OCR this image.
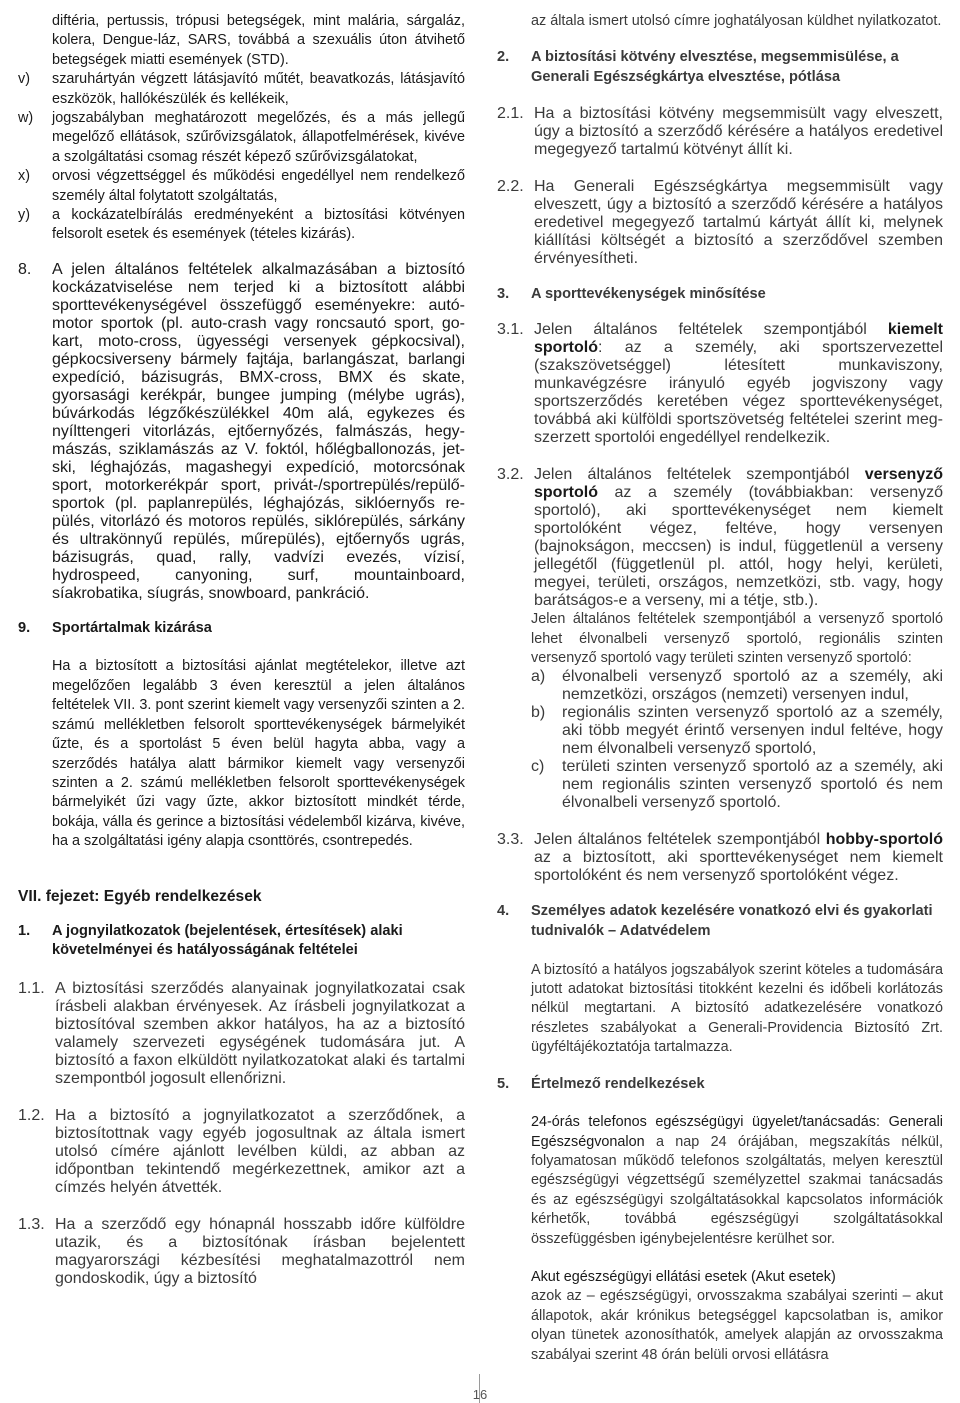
diftéria, pertussis, trópusi betegségek, mint malária, sárgaláz, kolera, Dengue-láz, SARS, továbbá a szexuális úton átvihető betegségek miatti események (STD).

v)	szaruhártyán végzett látásjavító műtét, beavatkozás, látásjavító eszközök, hallókészülék és kellékeik,
w)	jogszabályban meghatározott megelőzés, és a más jellegű megelőző ellátások, szűrővizsgálatok, állapotfelmérések, kivéve a szolgáltatási csomag részét képező szűrővizsgálatokat,
x)	orvosi végzettséggel és működési engedéllyel nem rendelkező személy által folytatott szolgáltatás,
y)	a kockázatelbírálás eredményeként a biztosítási kötvényen felsorolt esetek és események (tételes kizárás).
8.	A jelen általános feltételek alkalmazásában a biztosító kockázatviselése nem terjed ki a biztosított alábbi sporttevékenységével összefüggő eseményekre: autómotor sportok (pl. auto-crash vagy roncsautó sport, gokart, moto-cross, ügyességi versenyek gépkocsival), gépkocsiverseny bármely fajtája, barlangászat, barlangi expedíció, bázisugrás, BMX-cross, BMX és skate, gyorsasági kerékpár, bungee jumping (mélybe ugrás), búvárkodás légzőkészülékkel 40m alá, egykezes és nyílttengeri vitorlázás, ejtőernyőzés, falmászás, hegymászás, sziklamászás az V. foktól, hőlégballonozás, jet-ski, léghajózás, magashegyi expedíció, motorcsónak sport, motorkerékpár sport, privát-/sportrepülés/repülősportok (pl. paplanrepülés, léghajózás, siklóernyős repülés, vitorlázó és motoros repülés, siklórepülés, sárkány és ultrakönnyű repülés, műrepülés), ejtőernyős ugrás, bázisugrás, quad, rally, vadvízi evezés, vízisí, hydrospeed, canyoning, surf, mountainboard, síakrobatika, síugrás, snowboard, pankráció.
9.	Sportártalmak kizárása

Ha a biztosított a biztosítási ajánlat megtételekor, illetve azt megelőzően legalább 3 éven keresztül a jelen általános feltételek VII. 3. pont szerint kiemelt vagy versenyzői szinten a 2. számú mellékletben felsorolt sporttevékenységek bármelyikét űzte, és a sportolást 5 éven belül hagyta abba, vagy a szerződés hatálya alatt bármikor kiemelt vagy versenyzői szinten a 2. számú mellékletben felsorolt sporttevékenységek bármelyikét űzi vagy űzte, akkor biztosított mindkét térde, bokája, válla és gerince a biztosítási védelemből kizárva, kivéve, ha a szolgáltatási igény alapja csonttörés, csontrepedés.

VII. fejezet: Egyéb rendelkezések
1.	A jognyilatkozatok (bejelentések, értesítések) alaki követelményei és hatályosságának feltételei
1.1. A biztosítási szerződés alanyainak jognyilatkozatai csak írásbeli alakban érvényesek. Az írásbeli jognyilatkozat a biztosítóval szemben akkor hatályos, ha az a biztosító valamely szervezeti egységének tudomására jut. A biztosító a faxon elküldött nyilatkozatokat alaki és tartalmi szempontból jogosult ellenőrizni.
1.2. Ha a biztosító a jognyilatkozatot a szerződőnek, a biztosítottnak vagy egyéb jogosultnak az általa ismert utolsó címére ajánlott levélben küldi, az abban az időpontban tekintendő megérkezettnek, amikor azt a címzés helyén átvették.
1.3. Ha a szerződő egy hónapnál hosszabb időre külföldre utazik, és a biztosítónak írásban bejelentett magyarországi kézbesítési meghatalmazottról nem gondoskodik, úgy a biztosító

az általa ismert utolsó címre joghatályosan küldhet nyilatkozatot.

2.	A biztosítási kötvény elvesztése, megsemmisülése, a Generali Egészségkártya elvesztése, pótlása
2.1. Ha a biztosítási kötvény megsemmisült vagy elveszett, úgy a biztosító a szerződő kérésére a hatályos eredetivel megegyező tartalmú kötvényt állít ki.
2.2. Ha Generali Egészségkártya megsemmisült vagy elveszett, úgy a biztosító a szerződő kérésére a hatályos eredetivel megegyező tartalmú kártyát állít ki, melynek kiállítási költségét a biztosító a szerződővel szemben érvényesítheti.
3.	A sporttevékenységek minősítése
3.1. Jelen általános feltételek szempontjából kiemelt sportoló: az a személy, aki sportszervezettel (szakszövetséggel) létesített munkaviszony, munkavégzésre irányuló egyéb jogviszony vagy sportszerződés keretében végez sporttevékenységet, továbbá aki külföldi sportszövetség feltételei szerint megszerzett sportolói engedéllyel rendelkezik.
3.2. Jelen általános feltételek szempontjából versenyző sportoló az a személy (továbbiakban: versenyző sportoló), aki sporttevékenységet nem kiemelt sportolóként végez, feltéve, hogy versenyen (bajnokságon, meccsen) is indul, függetlenül a verseny jellegétől (függetlenül pl. attól, hogy helyi, kerületi, megyei, területi, országos, nemzetközi, stb. vagy, hogy barátságos-e a verseny, mi a tétje, stb.).

Jelen általános feltételek szempontjából a versenyző sportoló lehet élvonalbeli versenyző sportoló, regionális szinten versenyző sportoló vagy területi szinten versenyző sportoló:

a)	élvonalbeli versenyző sportoló az a személy, aki nemzetközi, országos (nemzeti) versenyen indul,
b)	regionális szinten versenyző sportoló az a személy, aki több megyét érintő versenyen indul feltéve, hogy nem élvonalbeli versenyző sportoló,
c)	területi szinten versenyző sportoló az a személy, aki nem regionális szinten versenyző sportoló és nem élvonalbeli versenyző sportoló.
3.3. Jelen általános feltételek szempontjából hobby-sportoló az a biztosított, aki sporttevékenységet nem kiemelt sportolóként és nem versenyző sportolóként végez.
4.	Személyes adatok kezelésére vonatkozó elvi és gyakorlati tudnivalók – Adatvédelem

A biztosító a hatályos jogszabályok szerint köteles a tudomására jutott adatokat biztosítási titokként kezelni és időbeli korlátozás nélkül megtartani. A biztosító adatkezelésére vonatkozó részletes szabályokat a Generali-Providencia Biztosító Zrt. ügyféltájékoztatója tartalmazza.

5.	Értelmező rendelkezések

24-órás telefonos egészségügyi ügyelet/tanácsadás: Generali Egészségvonalon a nap 24 órájában, megszakítás nélkül, folyamatosan működő telefonos szolgáltatás, melyen keresztül egészségügyi végzettségű személyzettel szakmai tanácsadás és az egészségügyi szolgáltatásokkal kapcsolatos információk kérhetők, továbbá egészségügyi szolgáltatásokkal összefüggésben igénybejelentésre kerülhet sor.

Akut egészségügyi ellátási esetek (Akut esetek)

azok az – egészségügyi, orvosszakma szabályai szerinti – akut állapotok, akár krónikus betegséggel kapcsolatban is, amikor olyan tünetek azonosíthatók, amelyek alapján az orvosszakma szabályai szerint 48 órán belüli orvosi ellátásra

16
